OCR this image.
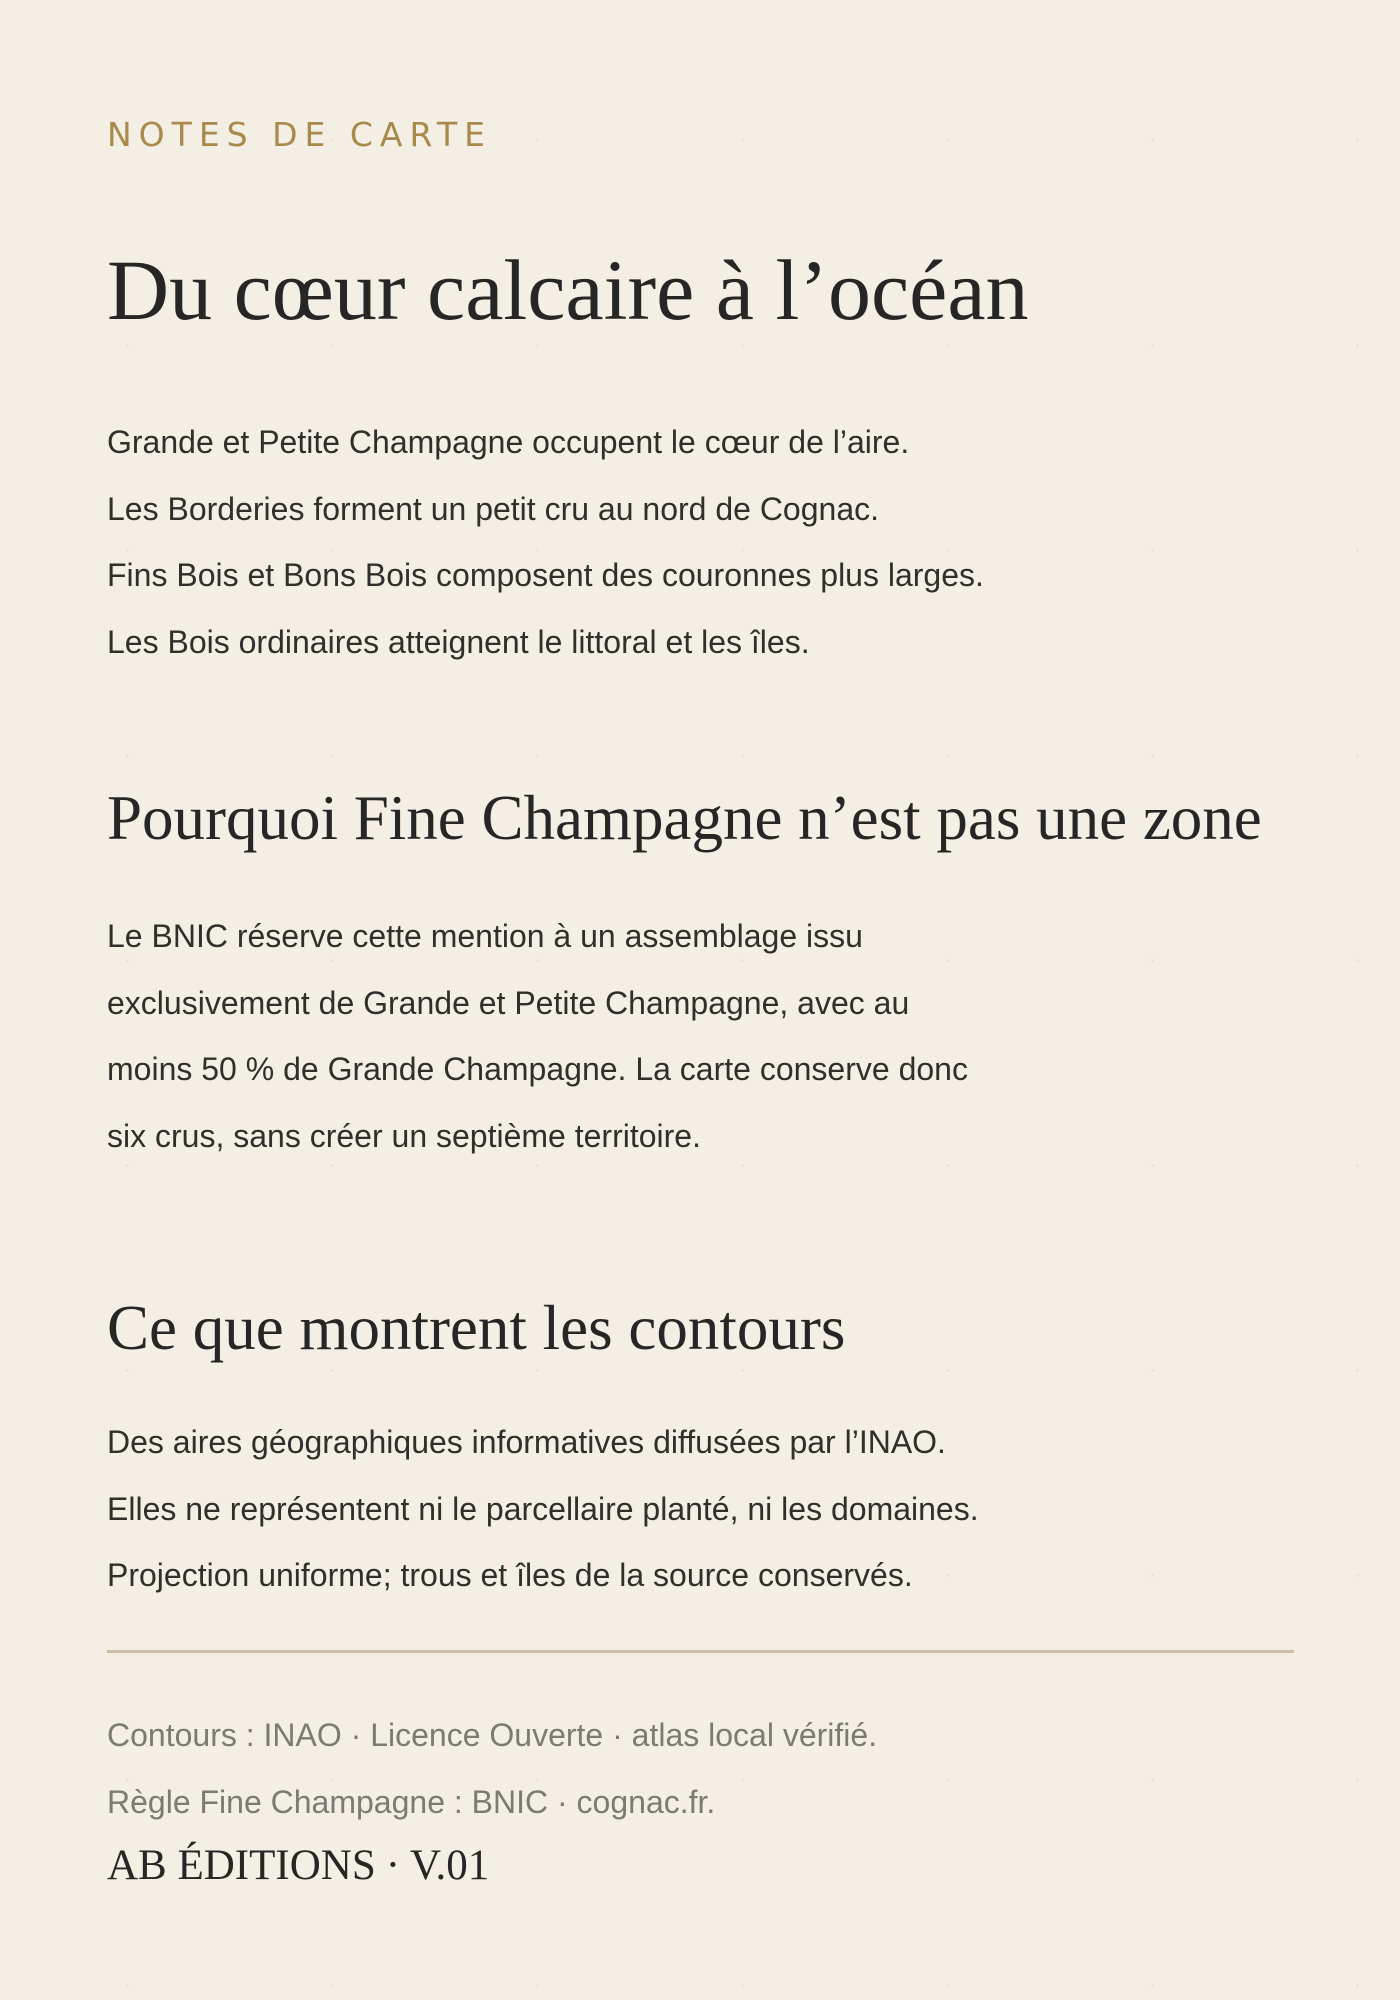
NOTES DE CARTE

Du cœur calcaire à l’océan
Grande et Petite Champagne occupent le cœur de l’aire.
Les Borderies forment un petit cru au nord de Cognac.
Fins Bois et Bons Bois composent des couronnes plus larges.
Les Bois ordinaires atteignent le littoral et les îles.
Pourquoi Fine Champagne n’est pas une zone
Le BNIC réserve cette mention à un assemblage issu
exclusivement de Grande et Petite Champagne, avec au
moins 50 % de Grande Champagne. La carte conserve donc
six crus, sans créer un septième territoire.
Ce que montrent les contours
Des aires géographiques informatives diffusées par l’INAO.
Elles ne représentent ni le parcellaire planté, ni les domaines.
Projection uniforme; trous et îles de la source conservés.
Contours : INAO · Licence Ouverte · atlas local vérifié.
Règle Fine Champagne : BNIC · cognac.fr.
AB ÉDITIONS · V.01
